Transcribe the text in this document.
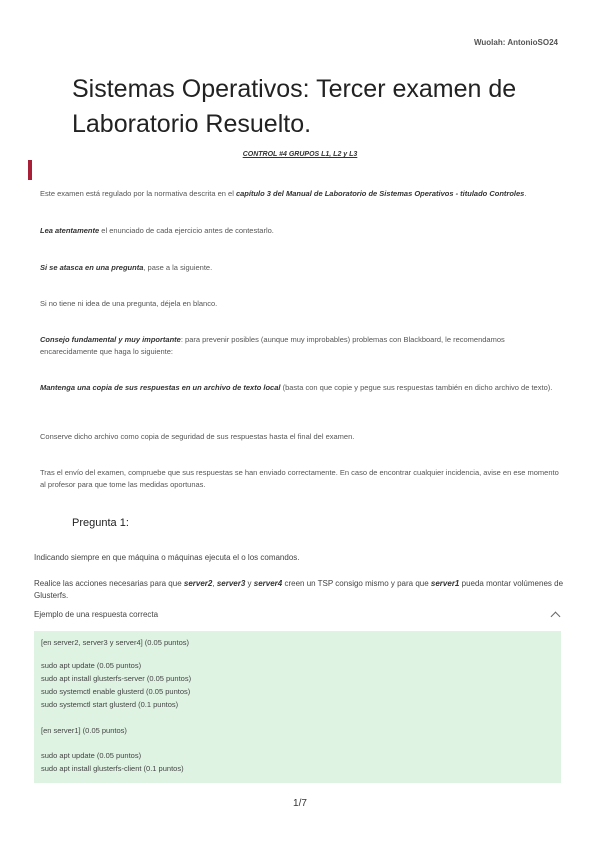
Wuolah: AntonioSO24
Sistemas Operativos: Tercer examen de Laboratorio Resuelto.
CONTROL #4 GRUPOS L1, L2 y L3

Este examen está regulado por la normativa descrita en el capítulo 3 del Manual de Laboratorio de Sistemas Operativos - titulado Controles.

Lea atentamente el enunciado de cada ejercicio antes de contestarlo.

Si se atasca en una pregunta, pase a la siguiente.

Si no tiene ni idea de una pregunta, déjela en blanco.

Consejo fundamental y muy importante: para prevenir posibles (aunque muy improbables) problemas con Blackboard, le recomendamos encarecidamente que haga lo siguiente:

Mantenga una copia de sus respuestas en un archivo de texto local (basta con que copie y pegue sus respuestas también en dicho archivo de texto).

Conserve dicho archivo como copia de seguridad de sus respuestas hasta el final del examen.

Tras el envío del examen, compruebe que sus respuestas se han enviado correctamente. En caso de encontrar cualquier incidencia, avise en ese momento al profesor para que tome las medidas oportunas.

Pregunta 1:

Indicando siempre en que máquina o máquinas ejecuta el o los comandos.

Realice las acciones necesarias para que server2, server3 y server4 creen un TSP consigo mismo y para que server1 pueda montar volúmenes de Glusterfs.

Ejemplo de una respuesta correcta
[en server2, server3 y server4] (0.05 puntos)
sudo apt update (0.05 puntos)
sudo apt install glusterfs-server (0.05 puntos)
sudo systemctl enable glusterd (0.05 puntos)
sudo systemctl start glusterd (0.1 puntos)
[en server1] (0.05 puntos)
sudo apt update (0.05 puntos)
sudo apt install glusterfs-client (0.1 puntos)
1/7
